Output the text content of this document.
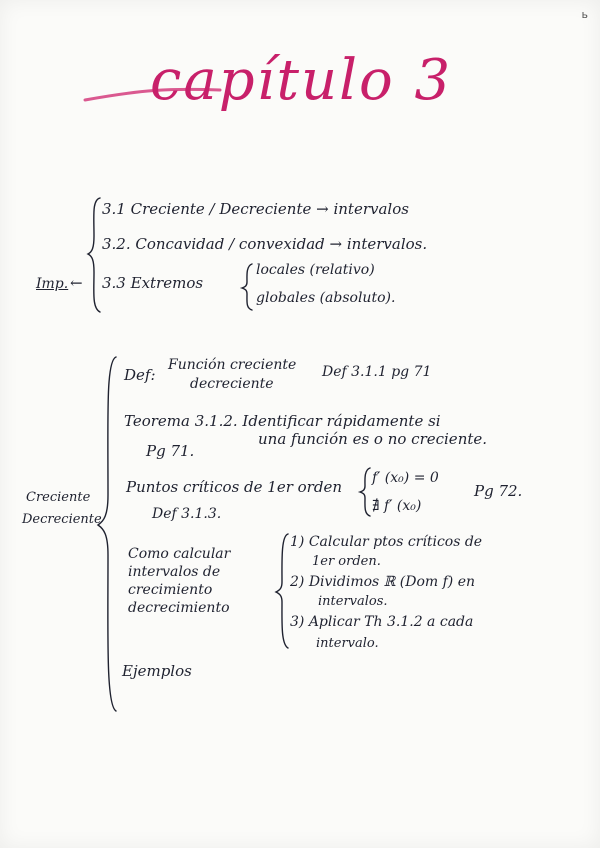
ь
capítulo 3
3.1 Creciente / Decreciente → intervalos
3.2. Concavidad / convexidad → intervalos.
3.3 Extremos
locales (relativo)
globales (absoluto).
Imp. ←
Creciente
Decreciente
Def:
Función creciente
decreciente
Def 3.1.1 pg 71
Teorema 3.1.2. Identificar rápidamente si
una función es o no creciente.
Pg 71.
Puntos críticos de 1er orden f′ (x₀) = 0
∄ f′ (x₀)
Pg 72.
Def 3.1.3.
Como calcular
intervalos de
crecimiento
decrecimiento
1) Calcular ptos críticos de
1er orden.
2) Dividimos ℝ (Dom f) en
intervalos.
3) Aplicar Th 3.1.2 a cada
intervalo.
Ejemplos
